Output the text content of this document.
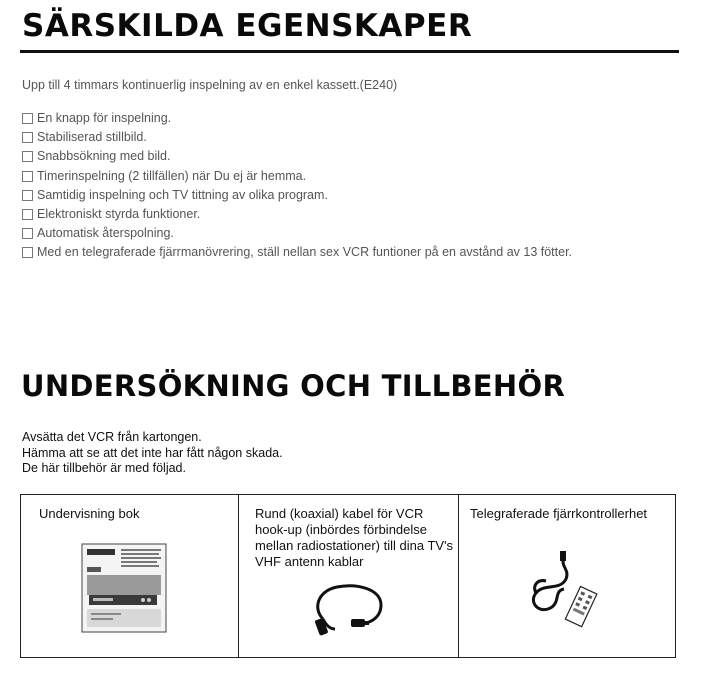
SÄRSKILDA EGENSKAPER
Upp till 4 timmars kontinuerlig inspelning av en enkel kassett.(E240)
En knapp för inspelning.
Stabiliserad stillbild.
Snabbsökning med bild.
Timerinspelning (2 tillfällen) när Du ej är hemma.
Samtidig inspelning och TV tittning av olika program.
Elektroniskt styrda funktioner.
Automatisk återspolning.
Med en telegraferade fjärrmanövrering, ställ nellan sex VCR funtioner på en avstånd av 13 fötter.
UNDERSÖKNING OCH TILLBEHÖR
Avsätta det VCR från kartongen.
Hämma att se att det inte har fått någon skada.
De här tillbehör är med följad.
Undervisning bok	Rund (koaxial) kabel för VCR hook-up (inbördes förbindelse mellan radiostationer) till dina TV's VHF antenn kablar
Telegraferade fjärrkontrollerhet
